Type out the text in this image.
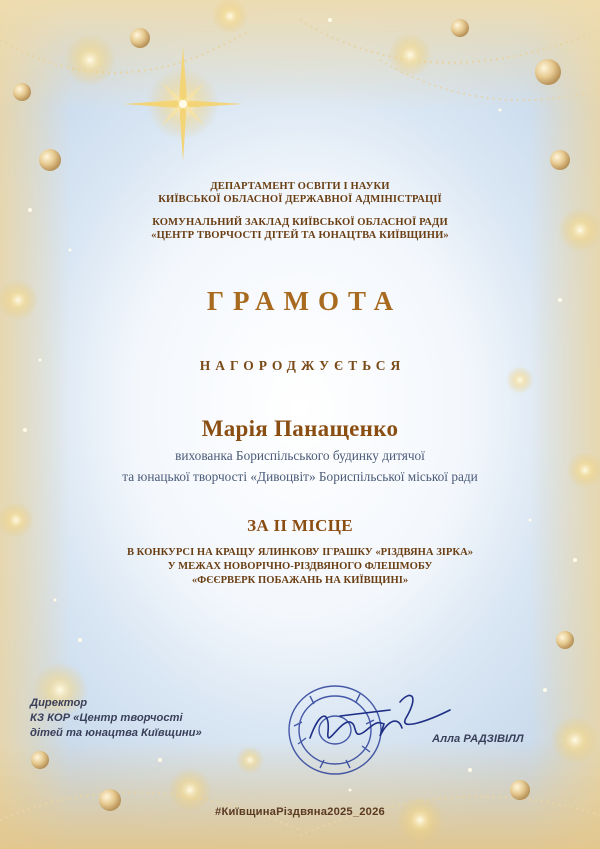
ДЕПАРТАМЕНТ ОСВІТИ І НАУКИ

КИЇВСЬКОЇ ОБЛАСНОЇ ДЕРЖАВНОЇ АДМІНІСТРАЦІЇ

КОМУНАЛЬНИЙ ЗАКЛАД КИЇВСЬКОЇ ОБЛАСНОЇ РАДИ

«ЦЕНТР ТВОРЧОСТІ ДІТЕЙ ТА ЮНАЦТВА КИЇВЩИНИ»

ГРАМОТА

НАГОРОДЖУЄТЬСЯ

Марія Панащенко

вихованка Бориспільського будинку дитячої

та юнацької творчості «Дивоцвіт» Бориспільської міської ради

ЗА ІІ МІСЦЕ

В КОНКУРСІ НА КРАЩУ ЯЛИНКОВУ ІГРАШКУ «РІЗДВЯНА ЗІРКА»

У МЕЖАХ НОВОРІЧНО-РІЗДВЯНОГО ФЛЕШМОБУ

«ФЄЄРВЕРК ПОБАЖАНЬ НА КИЇВЩИНІ»

Директор
КЗ КОР «Центр творчості
дітей та юнацтва Київщини»	Алла РАДЗІВІЛЛ

#КиївщинаРіздвяна2025_2026
